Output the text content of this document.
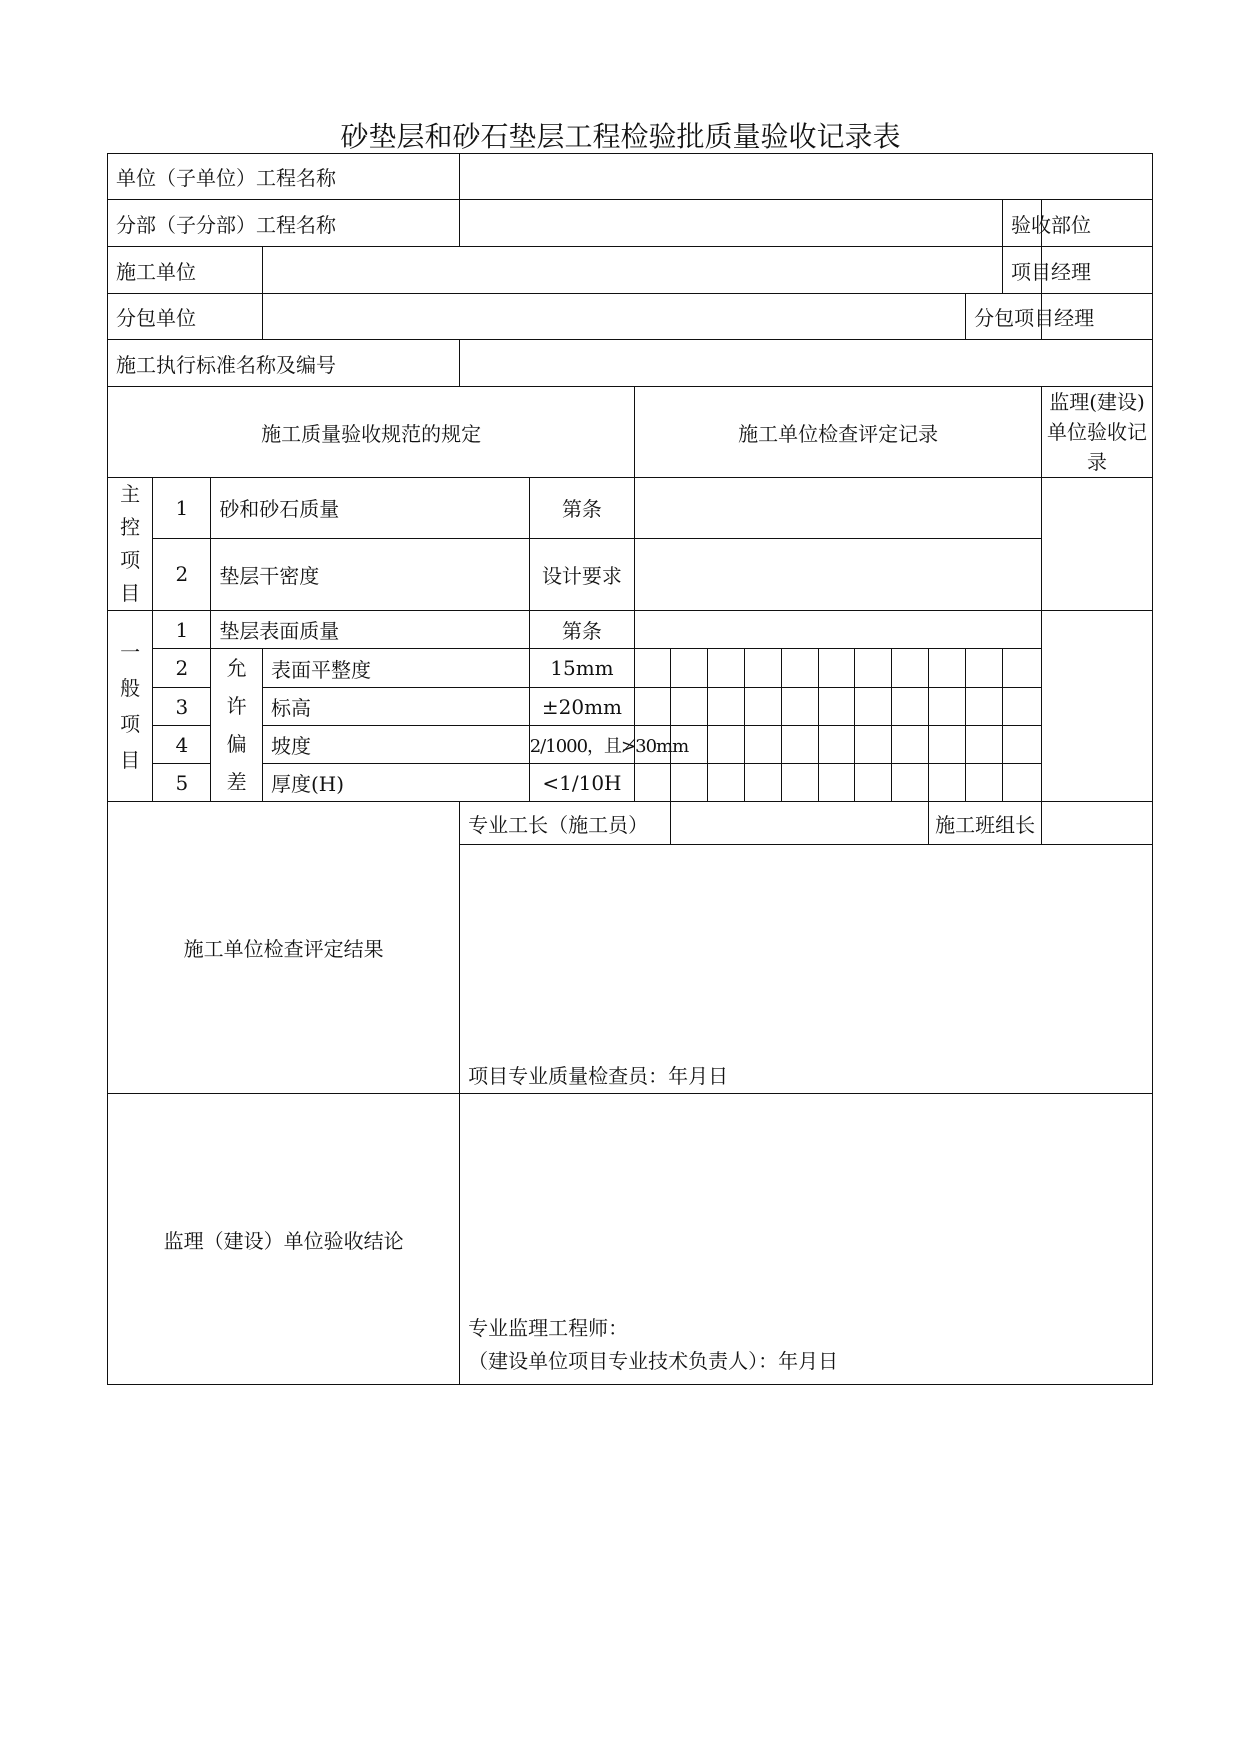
砂垫层和砂石垫层工程检验批质量验收记录表
单位（子单位）工程名称																	
分部（子分部）工程名称																验收部位	
施工单位																项目经理	
分包单位															分包项目经理		
施工执行标准名称及编号																	
施工质量验收规范的规定						施工单位检查评定记录											监理(建设)单位验收记录
主控项目	1	砂和砂石质量			第条												
	2	垫层干密度			设计要求												
一般项目	1	垫层表面质量			第条												
	2	允许偏差	表面平整度		15mm												
	3		标高		±20mm												
	4		坡度		2/1000，且≯30mm												
	5		厚度(H)		<1/10H												
施工单位检查评定结果				专业工长（施工员）										施工班组长			

				项目专业质量检查员：年月日													

监理（建设）单位验收结论				专业监理工程师：
（建设单位项目专业技术负责人）：年月日													
